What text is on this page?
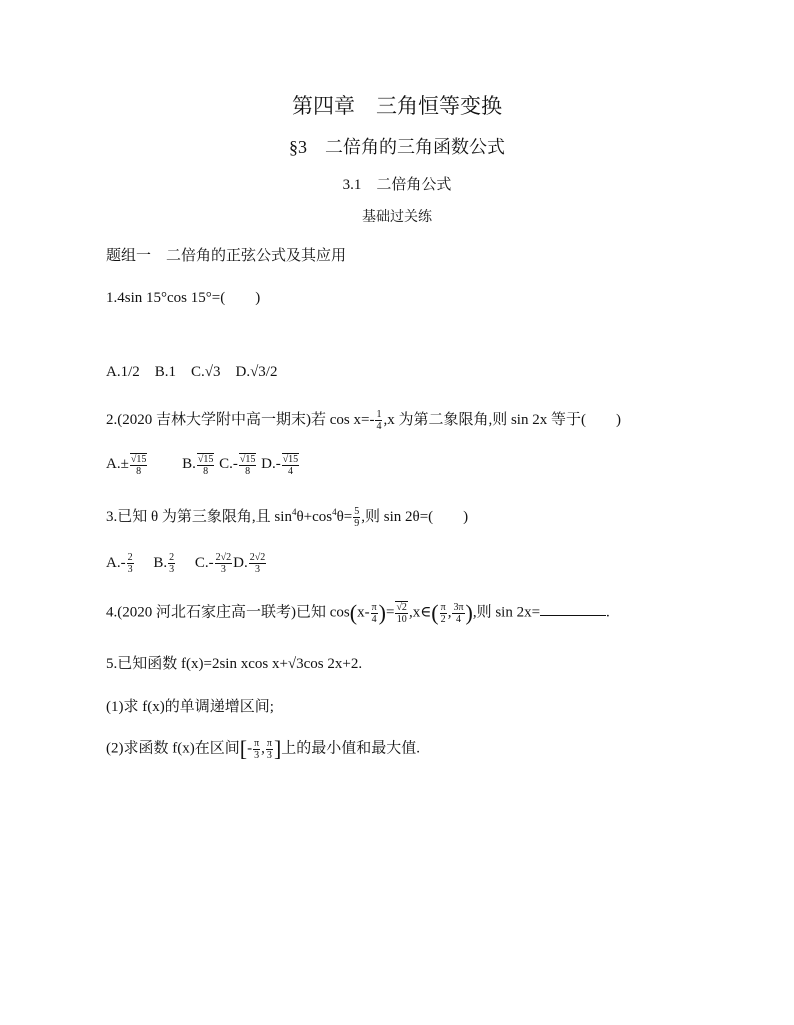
第四章　三角恒等变换
§3　二倍角的三角函数公式
3.1　二倍角公式
基础过关练
题组一　二倍角的正弦公式及其应用
1.4sin 15°cos 15°=(　　)
A.1/2　B.1　C.√3　D.√3/2
2.(2020 吉林大学附中高一期末)若 $\cos x=- \frac{1}{4} ,x$ 为第二象限角,则 sin 2x 等于(　　)
$A.\pm \frac{√15}{8}$
　　 B. $\frac{√15}{8} C.- \frac{√15}{8} D.- \frac{√15}{4}$
3.已知 θ 为第三象限角,且 $\sin^4\theta+\cos^4\theta= \frac{5}{9}$ ,则 sin 2θ=(　　)
$A.- \frac{2}{3}$
　 B. $\frac{2}{3}$
　 $C.- \frac{2√2}{3} D$. $\frac{2√2}{3}$
4.(2020 河北石家庄高一联考)已知 $\cos(x- \frac{\pi}{4}$ )= $\frac{√2}{10}$ ,x∈( $\frac{\pi}{2}$ , $\frac{3\pi}{4}$ ),则 sin 2x=	.
5.已知函数 f(x)=2sin xcos x+√3cos 2x+2.
(1)求 f(x)的单调递增区间;
(2)求函数 f(x)在区间[- $\frac{\pi}{3}$ , $\frac{\pi}{3}$ ]上的最小值和最大值.
